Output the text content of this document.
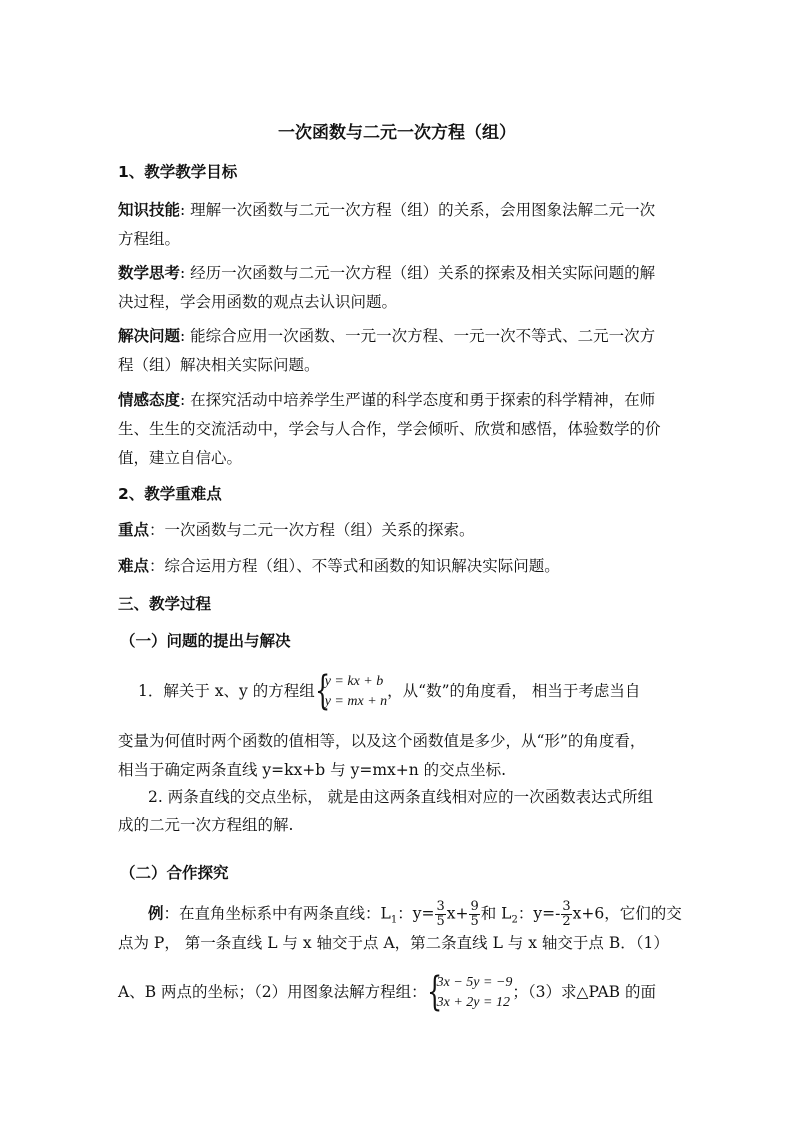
一次函数与二元一次方程（组）
1、教学教学目标
知识技能: 理解一次函数与二元一次方程（组）的关系，会用图象法解二元一次
方程组。
数学思考: 经历一次函数与二元一次方程（组）关系的探索及相关实际问题的解
决过程，学会用函数的观点去认识问题。
解决问题: 能综合应用一次函数、一元一次方程、一元一次不等式、二元一次方
程（组）解决相关实际问题。
情感态度: 在探究活动中培养学生严谨的科学态度和勇于探索的科学精神，在师
生、生生的交流活动中，学会与人合作，学会倾听、欣赏和感悟，体验数学的价
值，建立自信心。
2、教学重难点
重点：一次函数与二元一次方程（组）关系的探索。
难点：综合运用方程（组）、不等式和函数的知识解决实际问题。
三、教学过程
（一）问题的提出与解决
1．解关于 x、y 的方程组 {
y = kx + b
y = mx + n
，从“数”的角度看， 相当于考虑当自
变量为何值时两个函数的值相等，以及这个函数值是多少，从“形”的角度看，
相当于确定两条直线 y=kx+b 与 y=mx+n 的交点坐标.
2. 两条直线的交点坐标， 就是由这两条直线相对应的一次函数表达式所组
成的二元一次方程组的解.
（二）合作探究
例：在直角坐标系中有两条直线：$L_1$：$y= \frac{3}{5} x+ \frac{9}{5}$ 和 $L_2$：$y=- \frac{3}{2} x+6$，它们的交
点为 P， 第一条直线 L 与 x 轴交于点 A，第二条直线 L 与 x 轴交于点 B．（1）
A、B 两点的坐标；（2）用图象法解方程组： {
3x − 5y = −9
3x + 2y = 12
；（3）求△PAB 的面
